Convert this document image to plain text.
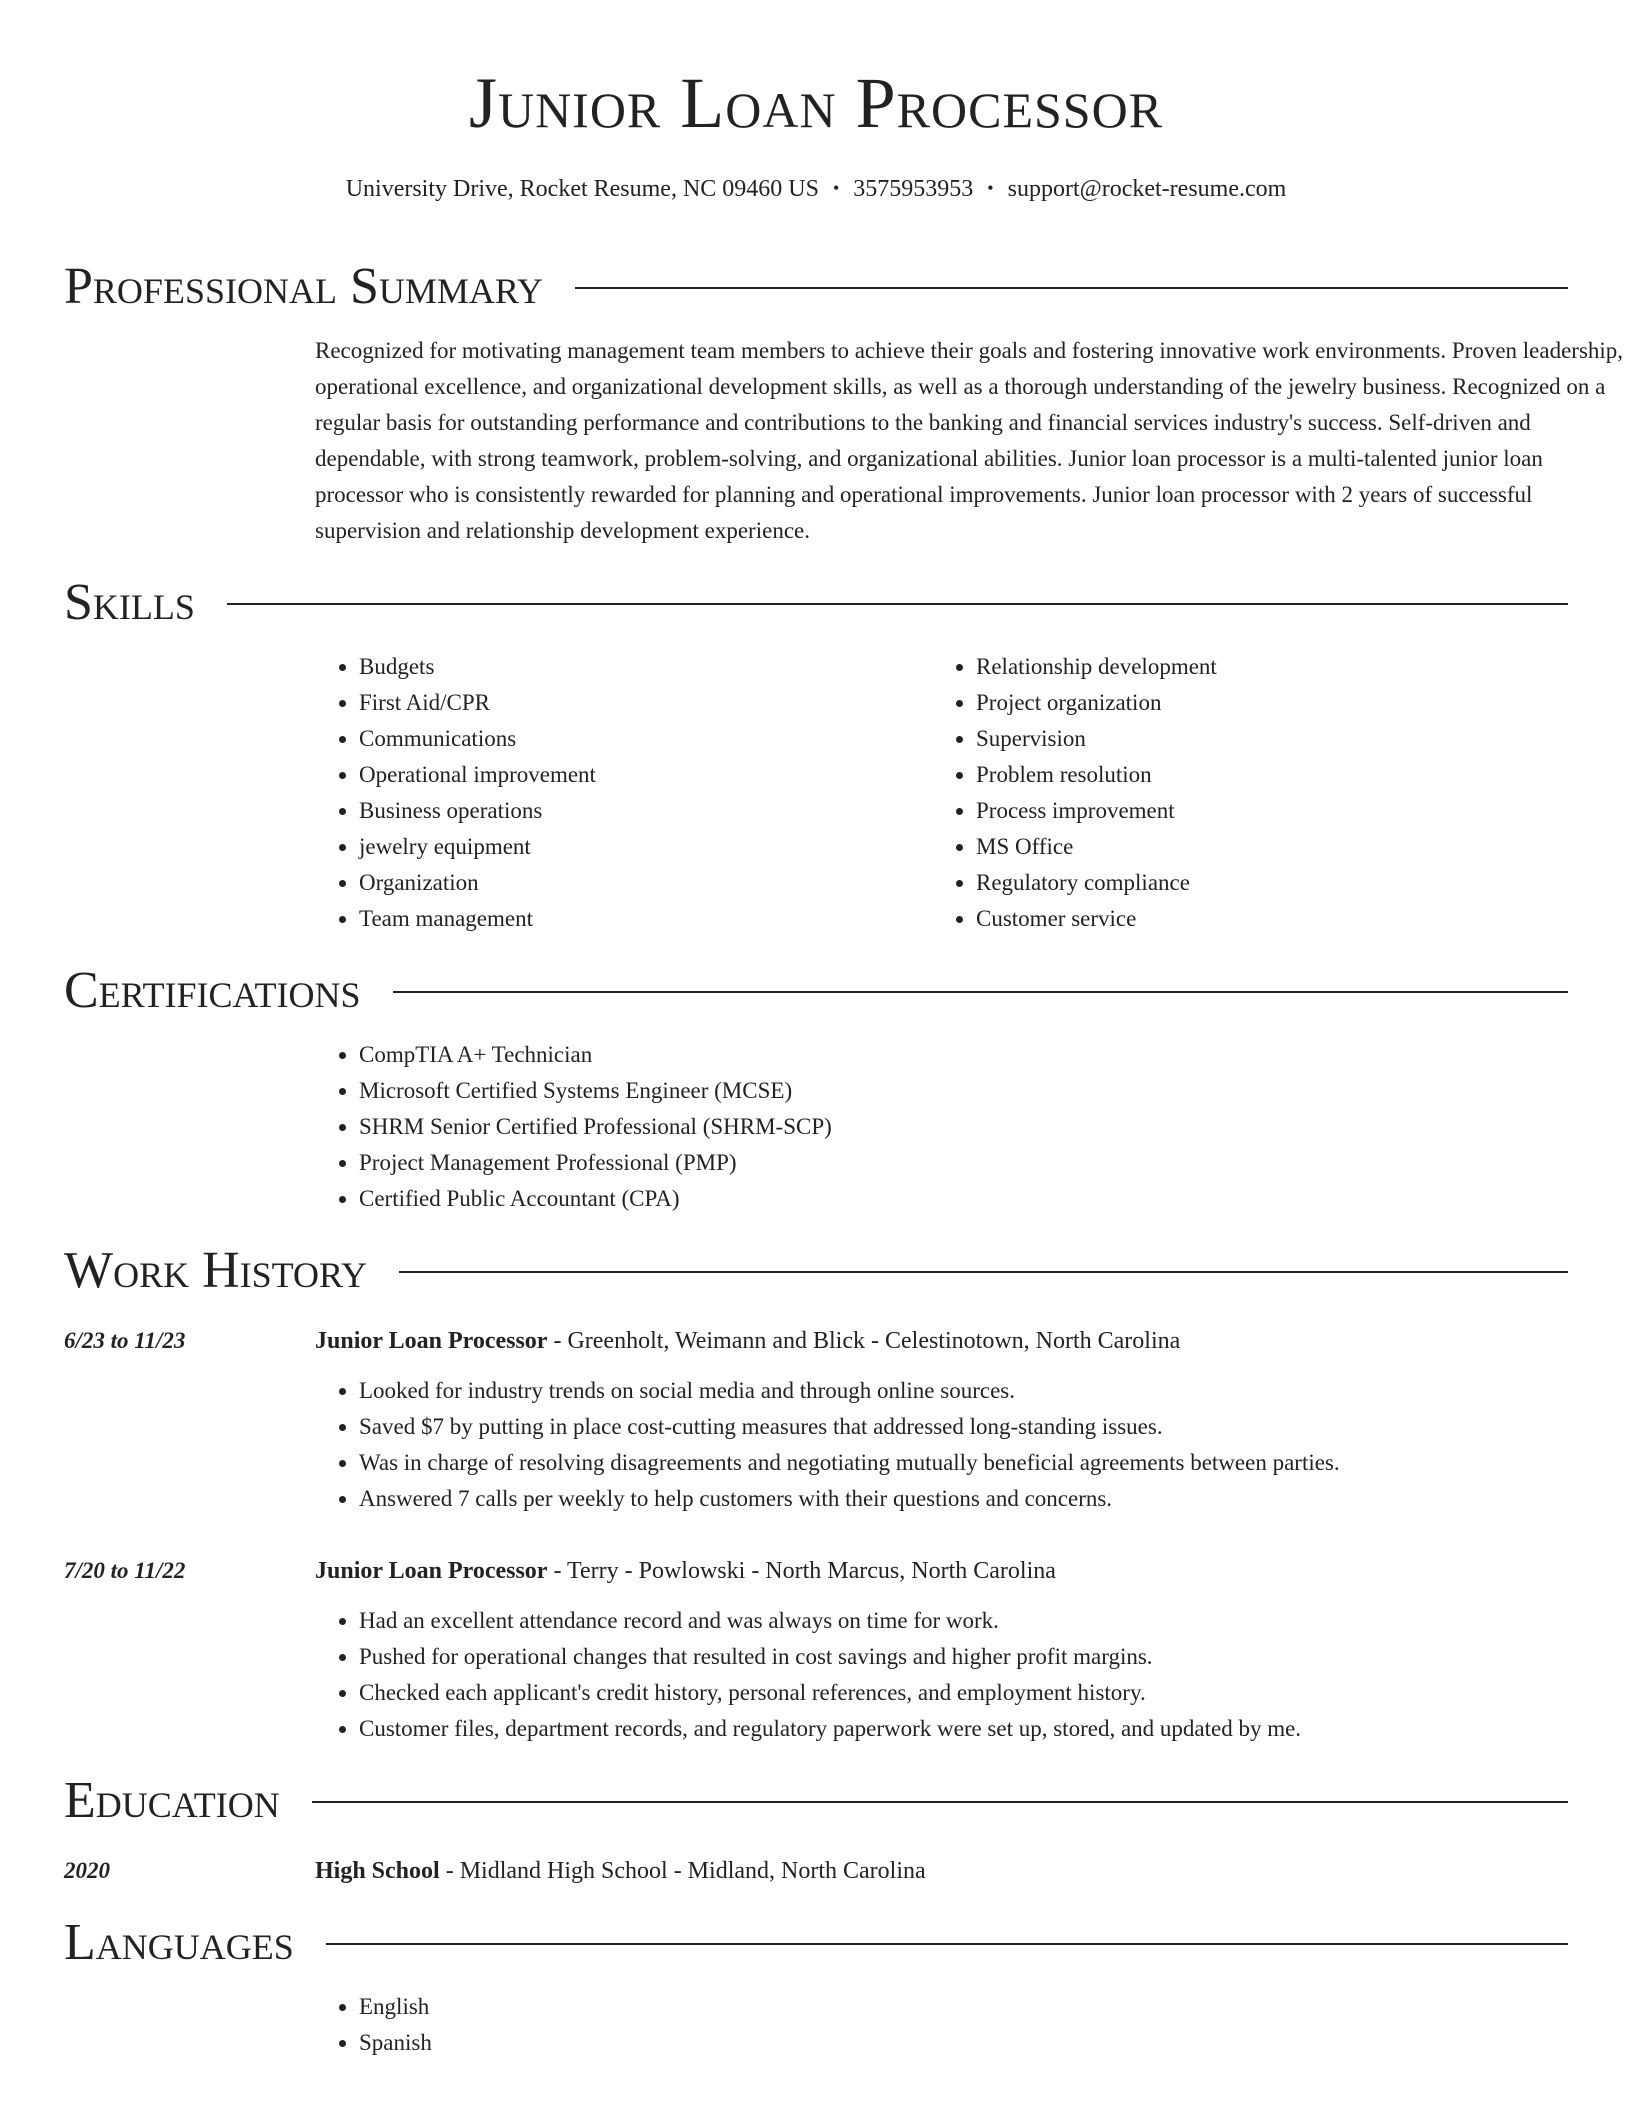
Junior Loan Processor
University Drive, Rocket Resume, NC 09460 US • 3575953953 • support@rocket-resume.com
Professional Summary
Recognized for motivating management team members to achieve their goals and fostering innovative work environments. Proven leadership, operational excellence, and organizational development skills, as well as a thorough understanding of the jewelry business. Recognized on a regular basis for outstanding performance and contributions to the banking and financial services industry's success. Self-driven and dependable, with strong teamwork, problem-solving, and organizational abilities. Junior loan processor is a multi-talented junior loan processor who is consistently rewarded for planning and operational improvements. Junior loan processor with 2 years of successful supervision and relationship development experience.
Skills
• Budgets
• First Aid/CPR
• Communications
• Operational improvement
• Business operations
• jewelry equipment
• Organization
• Team management
• Relationship development
• Project organization
• Supervision
• Problem resolution
• Process improvement
• MS Office
• Regulatory compliance
• Customer service
Certifications
• CompTIA A+ Technician
• Microsoft Certified Systems Engineer (MCSE)
• SHRM Senior Certified Professional (SHRM-SCP)
• Project Management Professional (PMP)
• Certified Public Accountant (CPA)
Work History
6/23 to 11/23	Junior Loan Processor - Greenholt, Weimann and Blick - Celestinotown, North Carolina
• Looked for industry trends on social media and through online sources.
• Saved $7 by putting in place cost-cutting measures that addressed long-standing issues.
• Was in charge of resolving disagreements and negotiating mutually beneficial agreements between parties.
• Answered 7 calls per weekly to help customers with their questions and concerns.
7/20 to 11/22	Junior Loan Processor - Terry - Powlowski - North Marcus, North Carolina
• Had an excellent attendance record and was always on time for work.
• Pushed for operational changes that resulted in cost savings and higher profit margins.
• Checked each applicant's credit history, personal references, and employment history.
• Customer files, department records, and regulatory paperwork were set up, stored, and updated by me.
Education
2020	High School - Midland High School - Midland, North Carolina
Languages
• English
• Spanish
